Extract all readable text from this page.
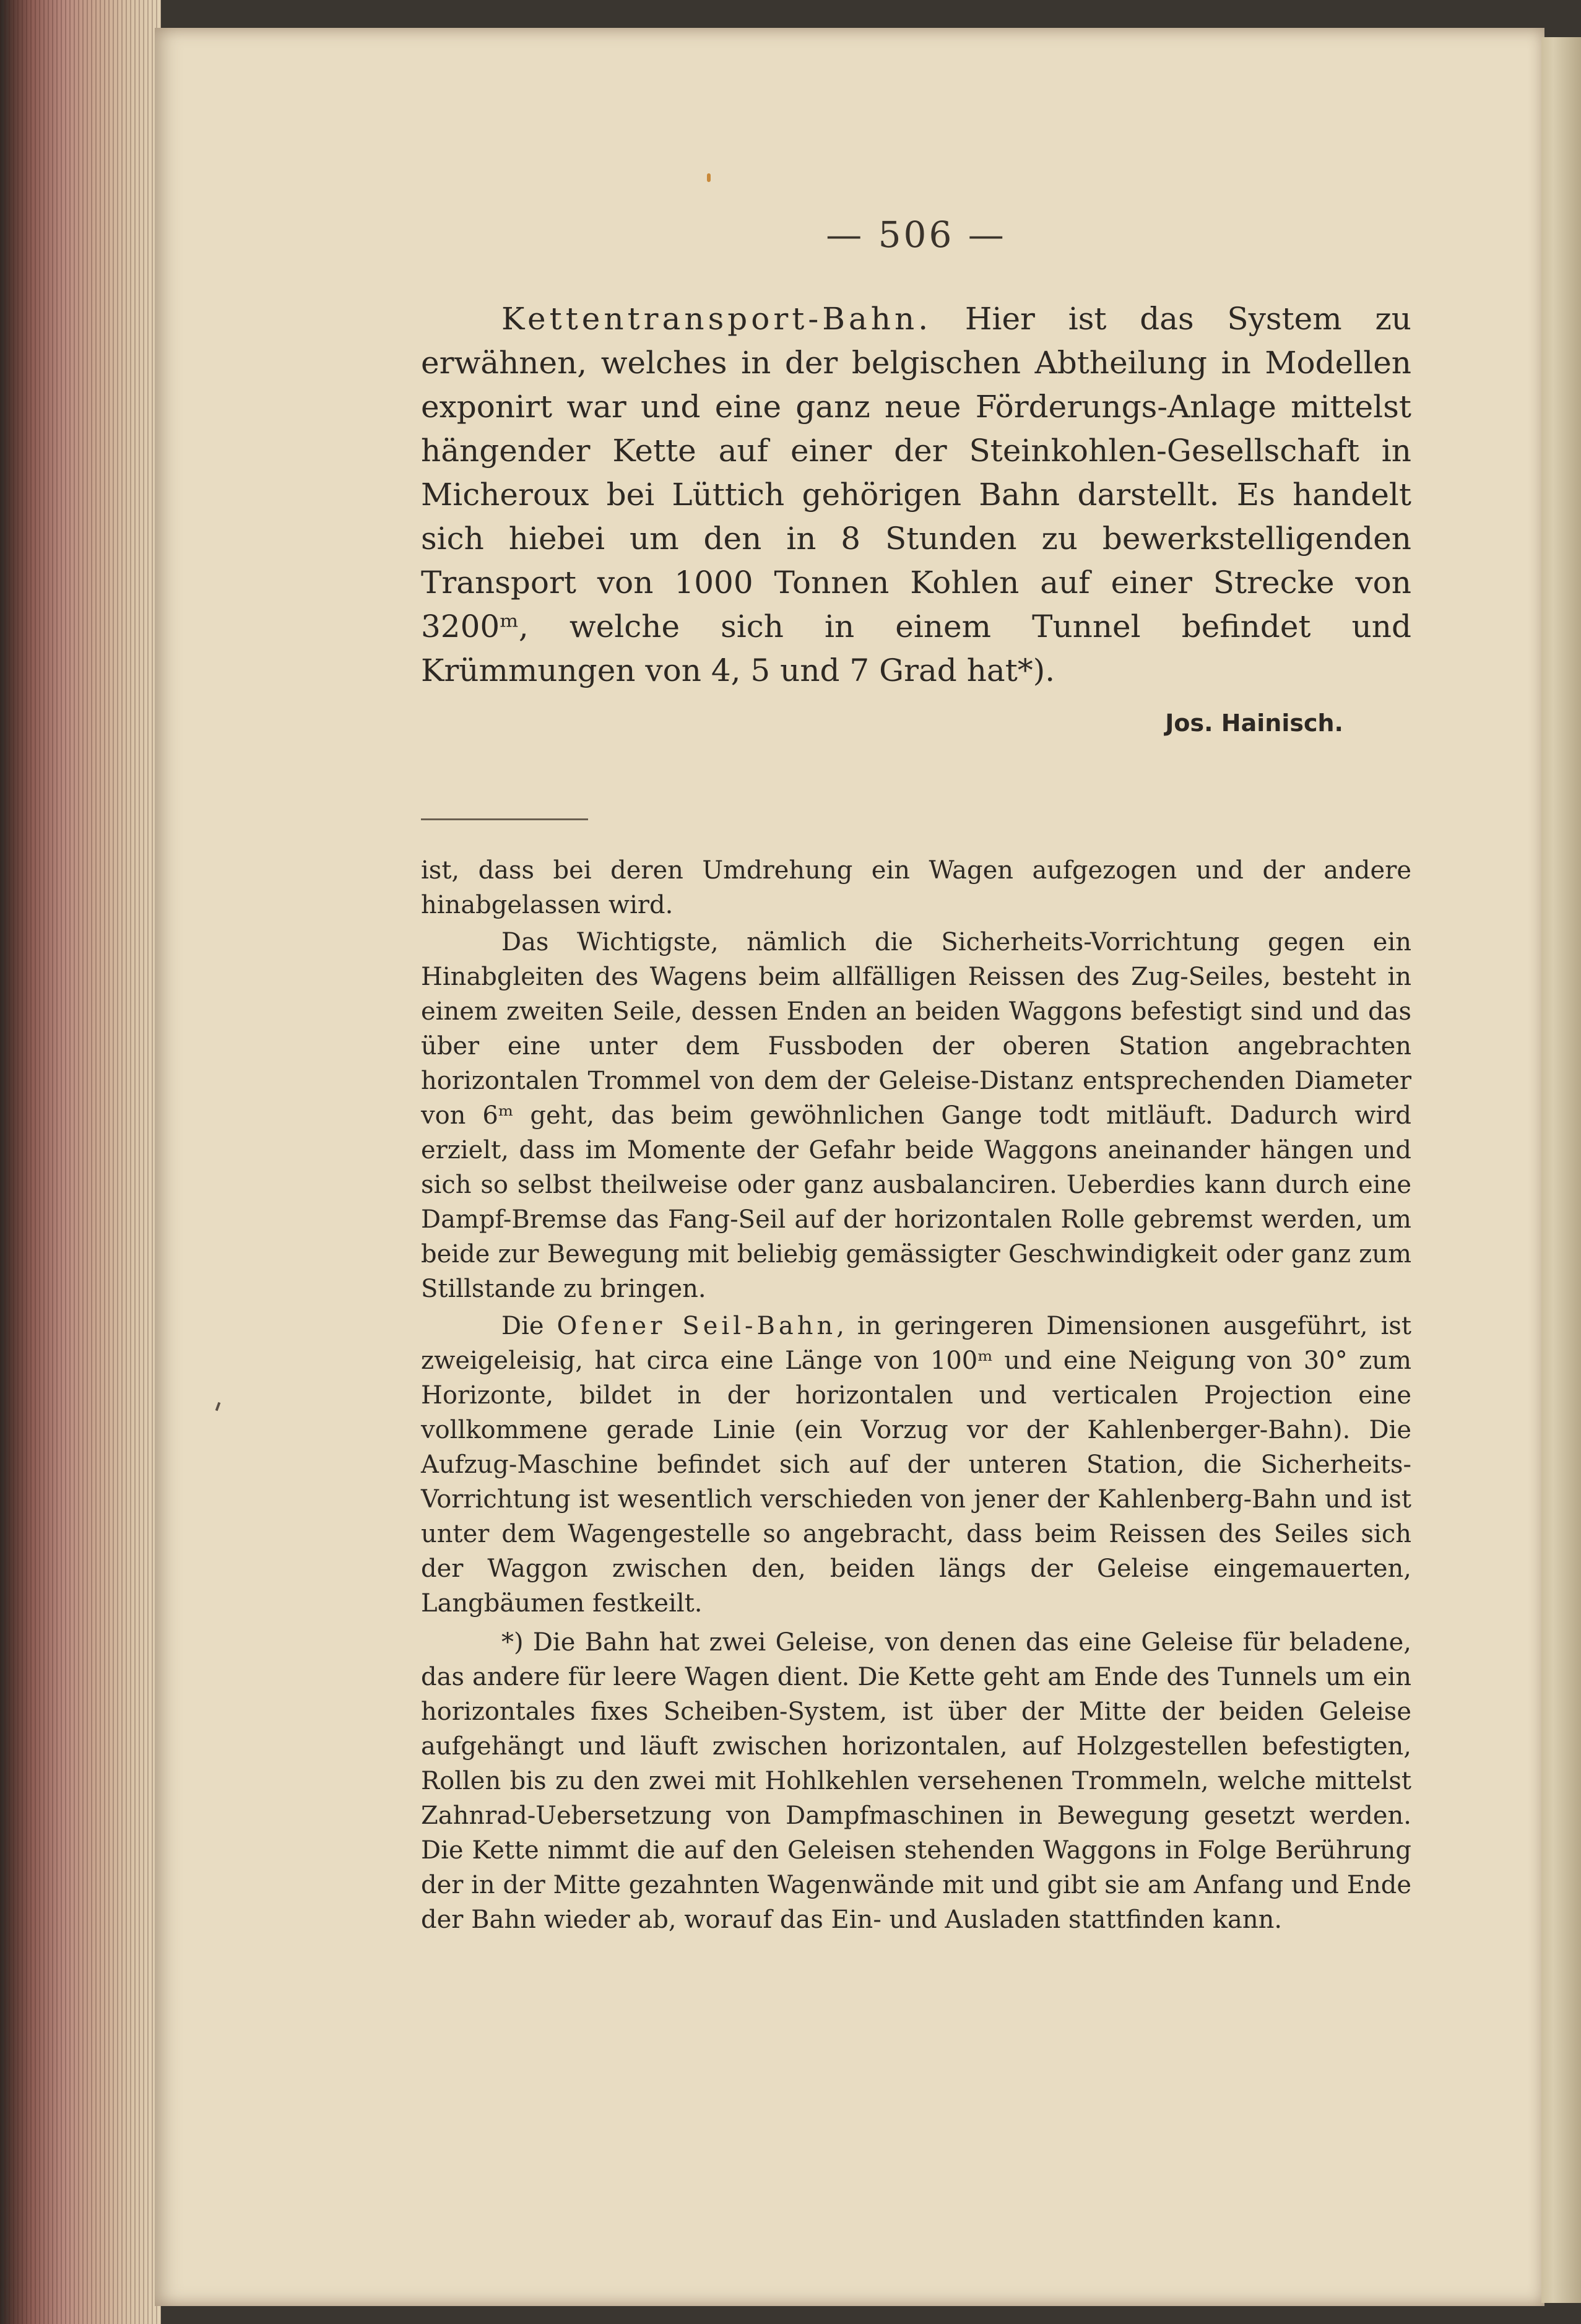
— 506 —

Kettentransport-Bahn. Hier ist das System zu erwähnen, welches in der belgischen Abtheilung in Modellen exponirt war und eine ganz neue Förderungs-Anlage mittelst hängender Kette auf einer der Steinkohlen-Gesellschaft in Micheroux bei Lüttich gehörigen Bahn darstellt. Es handelt sich hiebei um den in 8 Stunden zu bewerkstelligenden Transport von 1000 Tonnen Kohlen auf einer Strecke von 3200ᵐ, welche sich in einem Tunnel befindet und Krümmungen von 4, 5 und 7 Grad hat*).

Jos. Hainisch.

ist, dass bei deren Umdrehung ein Wagen aufgezogen und der andere hinabgelassen wird.

Das Wichtigste, nämlich die Sicherheits-Vorrichtung gegen ein Hinabgleiten des Wagens beim allfälligen Reissen des Zug-Seiles, besteht in einem zweiten Seile, dessen Enden an beiden Waggons befestigt sind und das über eine unter dem Fussboden der oberen Station angebrachten horizontalen Trommel von dem der Geleise-Distanz entsprechenden Diameter von 6ᵐ geht, das beim gewöhnlichen Gange todt mitläuft. Dadurch wird erzielt, dass im Momente der Gefahr beide Waggons aneinander hängen und sich so selbst theilweise oder ganz ausbalanciren. Ueberdies kann durch eine Dampf-Bremse das Fang-Seil auf der horizontalen Rolle gebremst werden, um beide zur Bewegung mit beliebig gemässigter Geschwindigkeit oder ganz zum Stillstande zu bringen.

Die Ofener Seil-Bahn, in geringeren Dimensionen ausgeführt, ist zweigeleisig, hat circa eine Länge von 100ᵐ und eine Neigung von 30° zum Horizonte, bildet in der horizontalen und verticalen Projection eine vollkommene gerade Linie (ein Vorzug vor der Kahlenberger-Bahn). Die Aufzug-Maschine befindet sich auf der unteren Station, die Sicherheits-Vorrichtung ist wesentlich verschieden von jener der Kahlenberg-Bahn und ist unter dem Wagengestelle so angebracht, dass beim Reissen des Seiles sich der Waggon zwischen den, beiden längs der Geleise eingemauerten, Langbäumen festkeilt.

*) Die Bahn hat zwei Geleise, von denen das eine Geleise für beladene, das andere für leere Wagen dient. Die Kette geht am Ende des Tunnels um ein horizontales fixes Scheiben-System, ist über der Mitte der beiden Geleise aufgehängt und läuft zwischen horizontalen, auf Holzgestellen befestigten, Rollen bis zu den zwei mit Hohlkehlen versehenen Trommeln, welche mittelst Zahnrad-Uebersetzung von Dampfmaschinen in Bewegung gesetzt werden. Die Kette nimmt die auf den Geleisen stehenden Waggons in Folge Berührung der in der Mitte gezahnten Wagenwände mit und gibt sie am Anfang und Ende der Bahn wieder ab, worauf das Ein- und Ausladen stattfinden kann.
